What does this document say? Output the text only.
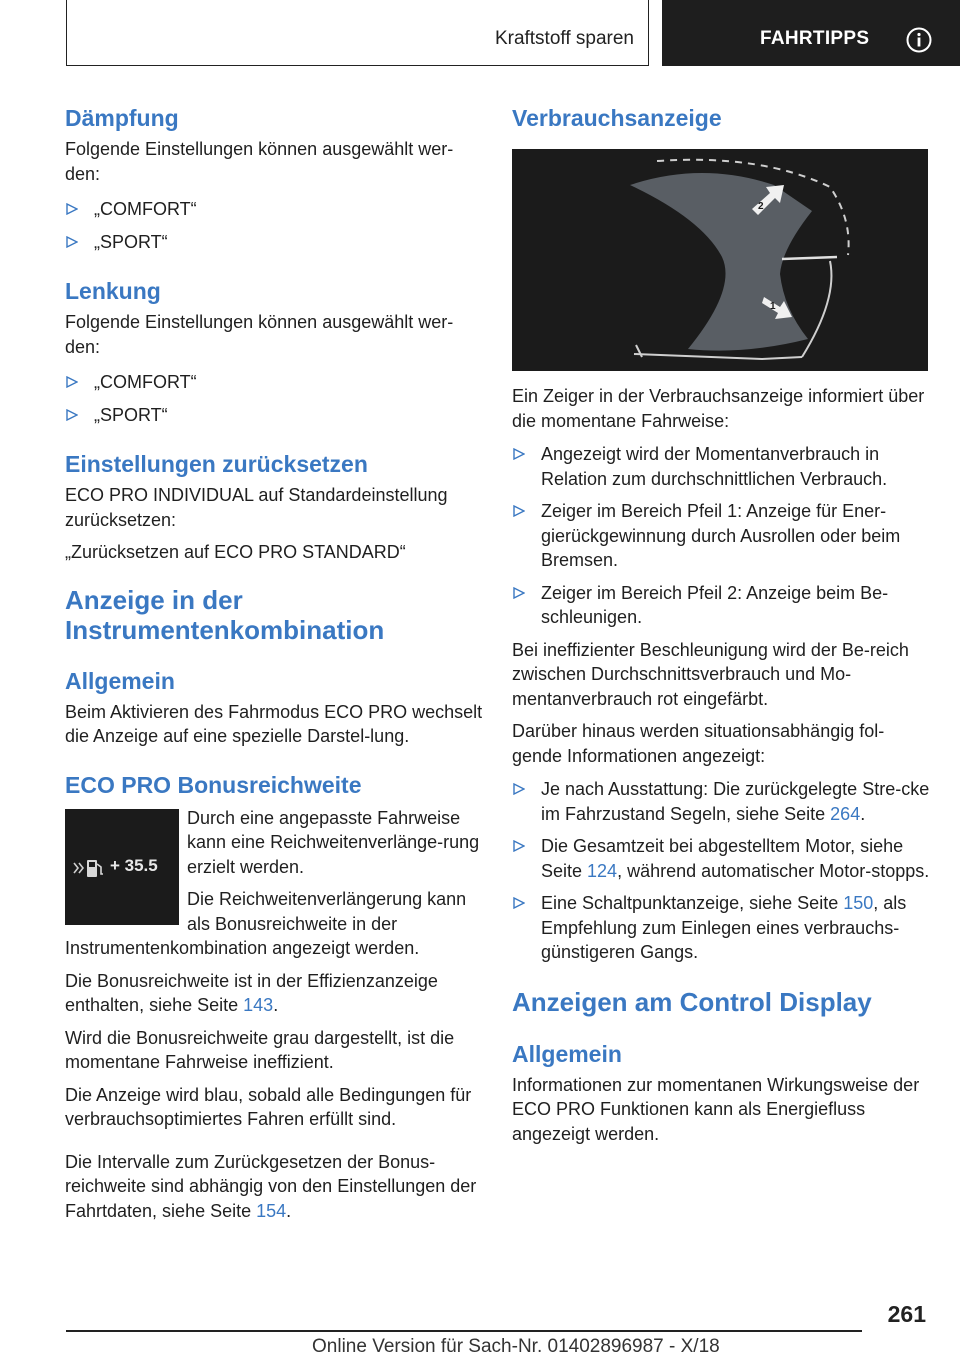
Kraftstoff sparen	FAHRTIPPS
Dämpfung

Folgende Einstellungen können ausgewählt wer-den:

„COMFORT“
„SPORT“
Lenkung

Folgende Einstellungen können ausgewählt wer-den:

„COMFORT“
„SPORT“
Einstellungen zurücksetzen

ECO PRO INDIVIDUAL auf Standardeinstellung zurücksetzen:

„Zurücksetzen auf ECO PRO STANDARD“

Anzeige in der
Instrumentenkombination
Allgemein

Beim Aktivieren des Fahrmodus ECO PRO wechselt die Anzeige auf eine spezielle Darstel-lung.

ECO PRO Bonusreichweite
+ 35.5

Durch eine angepasste Fahrweise kann eine Reichweitenverlänge-rung erzielt werden.

Die Reichweitenverlängerung kann als Bonusreichweite in der Instrumentenkombination angezeigt werden.

Die Bonusreichweite ist in der Effizienzanzeige enthalten, siehe Seite 143.

Wird die Bonusreichweite grau dargestellt, ist die momentane Fahrweise ineffizient.

Die Anzeige wird blau, sobald alle Bedingungen für verbrauchsoptimiertes Fahren erfüllt sind.

Die Intervalle zum Zurückgesetzen der Bonus-reichweite sind abhängig von den Einstellungen der Fahrtdaten, siehe Seite 154.

Verbrauchsanzeige
2
1

Ein Zeiger in der Verbrauchsanzeige informiert über die momentane Fahrweise:

Angezeigt wird der Momentanverbrauch in Relation zum durchschnittlichen Verbrauch.
Zeiger im Bereich Pfeil 1: Anzeige für Ener-gierückgewinnung durch Ausrollen oder beim Bremsen.
Zeiger im Bereich Pfeil 2: Anzeige beim Be-schleunigen.

Bei ineffizienter Beschleunigung wird der Be-reich zwischen Durchschnittsverbrauch und Mo-mentanverbrauch rot eingefärbt.

Darüber hinaus werden situationsabhängig fol-gende Informationen angezeigt:

Je nach Ausstattung: Die zurückgelegte Stre-cke im Fahrzustand Segeln, siehe Seite 264.
Die Gesamtzeit bei abgestelltem Motor, siehe Seite 124, während automatischer Motor-stopps.
Eine Schaltpunktanzeige, siehe Seite 150, als Empfehlung zum Einlegen eines verbrauchs-günstigeren Gangs.
Anzeigen am Control Display
Allgemein

Informationen zur momentanen Wirkungsweise der ECO PRO Funktionen kann als Energiefluss angezeigt werden.

261
Online Version für Sach-Nr. 01402896987 - X/18
